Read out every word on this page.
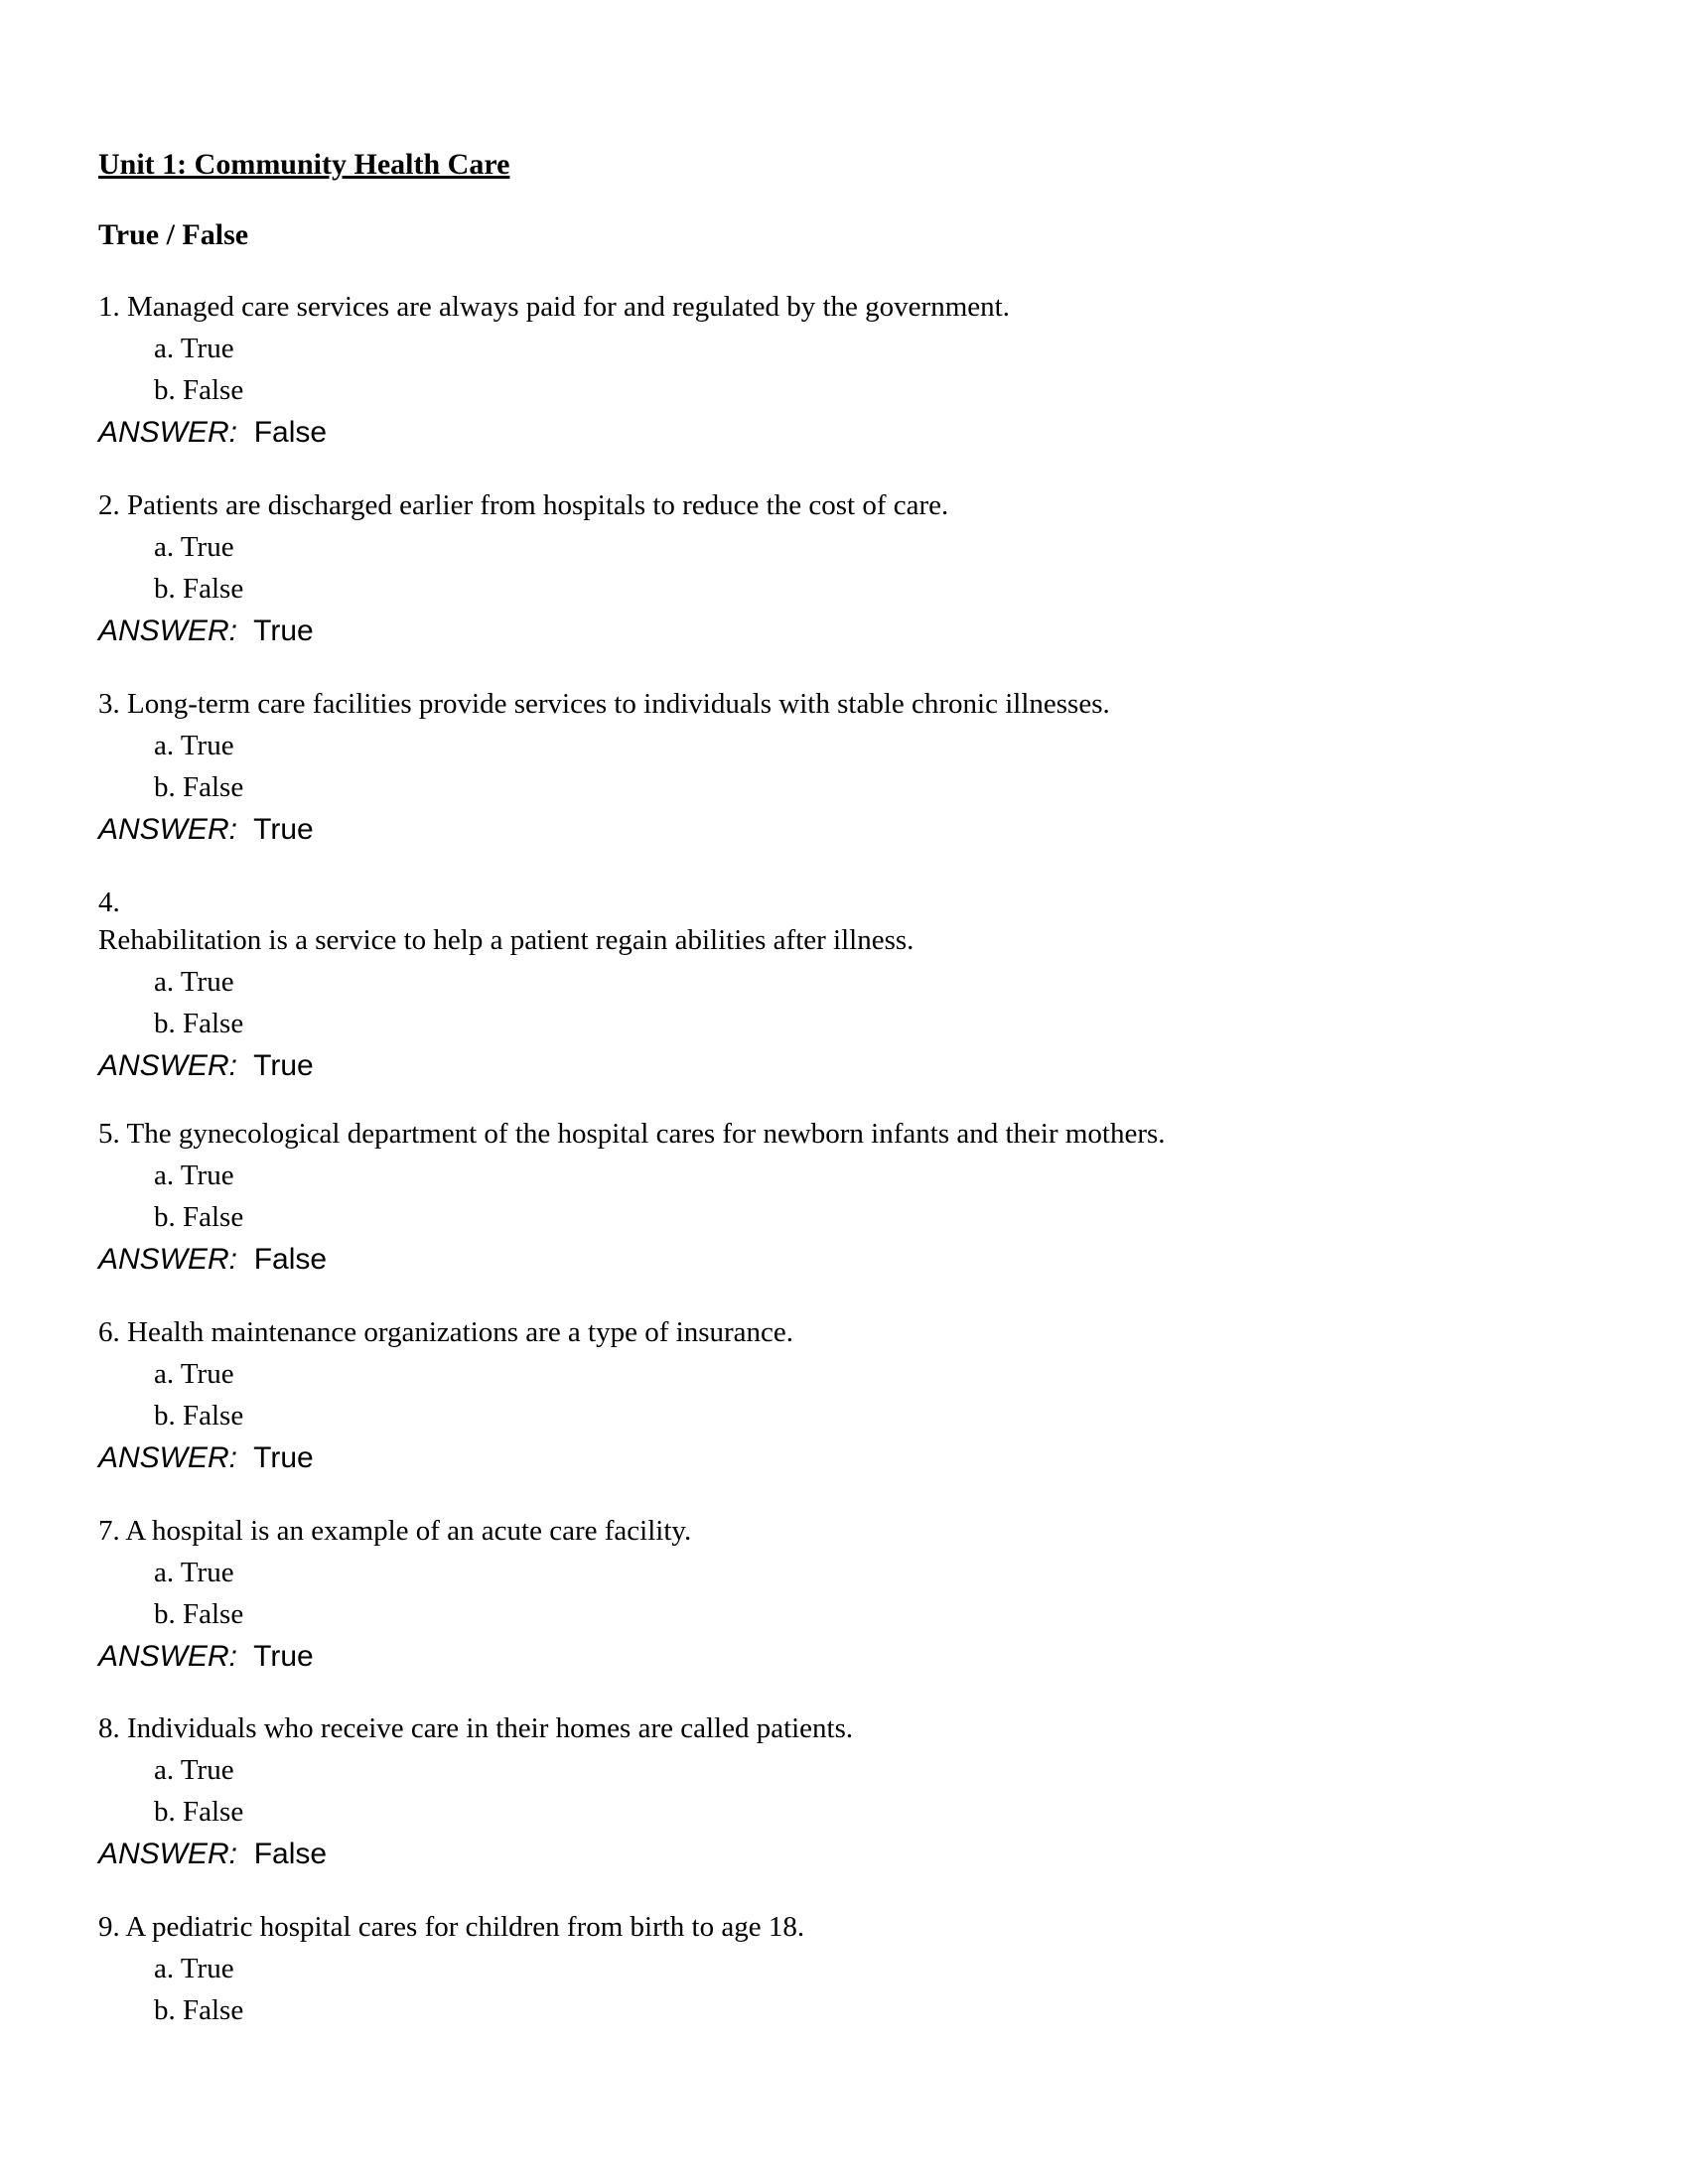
Unit 1: Community Health Care
True / False
1. Managed care services are always paid for and regulated by the government.
a. True
b. False
ANSWER: False
2. Patients are discharged earlier from hospitals to reduce the cost of care.
a. True
b. False
ANSWER: True
3. Long-term care facilities provide services to individuals with stable chronic illnesses.
a. True
b. False
ANSWER: True
4.
Rehabilitation is a service to help a patient regain abilities after illness.
a. True
b. False
ANSWER: True
5. The gynecological department of the hospital cares for newborn infants and their mothers.
a. True
b. False
ANSWER: False
6. Health maintenance organizations are a type of insurance.
a. True
b. False
ANSWER: True
7. A hospital is an example of an acute care facility.
a. True
b. False
ANSWER: True
8. Individuals who receive care in their homes are called patients.
a. True
b. False
ANSWER: False
9. A pediatric hospital cares for children from birth to age 18.
a. True
b. False
